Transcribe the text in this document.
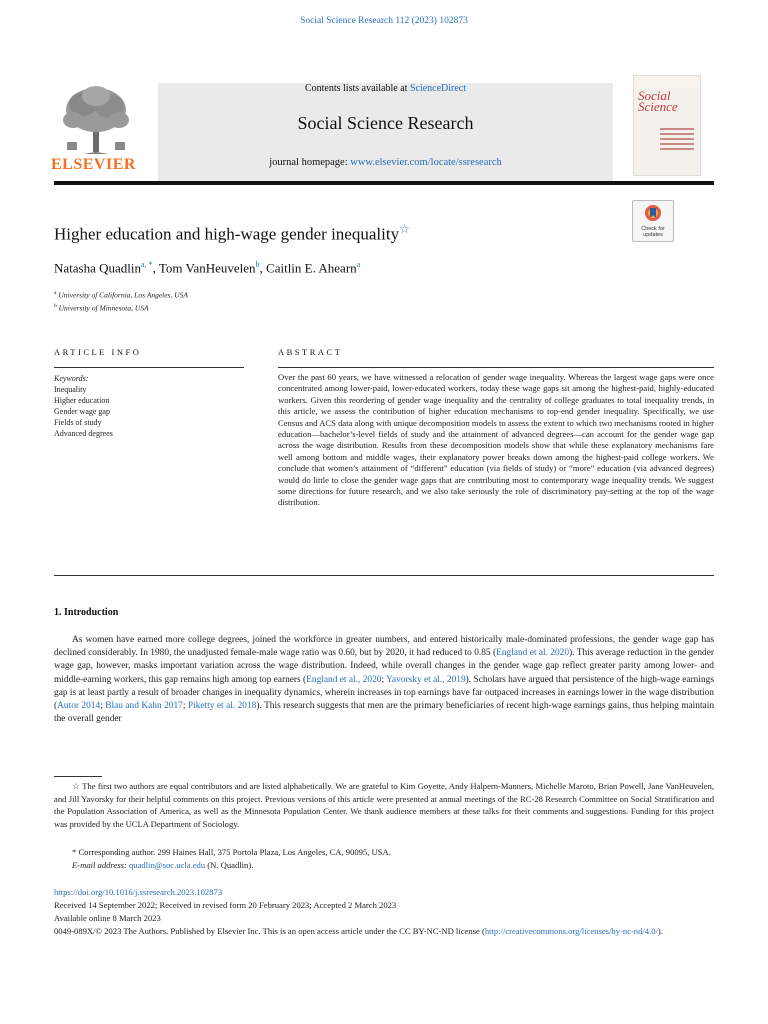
Social Science Research 112 (2023) 102873
Contents lists available at ScienceDirect
Social Science Research
journal homepage: www.elsevier.com/locate/ssresearch
ELSEVIER
Social Science
Higher education and high-wage gender inequality☆	Check for updates
Natasha Quadlin$^{a, *}$, Tom VanHeuvelen$^b$, Caitlin E. Ahearn$^a$
$^a$ University of California, Los Angeles, USA
$^b$ University of Minnesota, USA
ARTICLE INFO	ABSTRACT
Keywords:
Inequality
Higher education
Gender wage gap
Fields of study
Advanced degrees
Over the past 60 years, we have witnessed a relocation of gender wage inequality. Whereas the largest wage gaps were once concentrated among lower-paid, lower-educated workers, today these wage gaps sit among the highest-paid, highly-educated workers. Given this reordering of gender wage inequality and the centrality of college graduates to total inequality trends, in this article, we assess the contribution of higher education mechanisms to top-end gender inequality. Specifically, we use Census and ACS data along with unique decomposition models to assess the extent to which two mechanisms rooted in higher education—bachelor’s-level fields of study and the attainment of advanced degrees—can account for the gender wage gap across the wage distribution. Results from these decomposition models show that while these explanatory mechanisms fare well among bottom and middle wages, their explanatory power breaks down among the highest-paid college workers. We conclude that women’s attainment of “different” education (via fields of study) or “more” education (via advanced degrees) would do little to close the gender wage gaps that are contributing most to contemporary wage inequality trends. We suggest some directions for future research, and we also take seriously the role of discriminatory pay-setting at the top of the wage distribution.
1. Introduction
As women have earned more college degrees, joined the workforce in greater numbers, and entered historically male-dominated professions, the gender wage gap has declined considerably. In 1980, the unadjusted female-male wage ratio was 0.60, but by 2020, it had reduced to 0.85 (England et al. 2020). This average reduction in the gender wage gap, however, masks important variation across the wage distribution. Indeed, while overall changes in the gender wage gap reflect greater parity among lower- and middle-earning workers, this gap remains high among top earners (England et al., 2020; Yavorsky et al., 2019). Scholars have argued that persistence of the high-wage earnings gap is at least partly a result of broader changes in inequality dynamics, wherein increases in top earnings have far outpaced increases in earnings lower in the wage distribution (Autor 2014; Blau and Kahn 2017; Piketty et al. 2018). This research suggests that men are the primary beneficiaries of recent high-wage earnings gains, thus helping maintain the overall gender
☆ The first two authors are equal contributors and are listed alphabetically. We are grateful to Kim Goyette, Andy Halpern-Manners, Michelle Maroto, Brian Powell, Jane VanHeuvelen, and Jill Yavorsky for their helpful comments on this project. Previous versions of this article were presented at annual meetings of the RC-28 Research Committee on Social Stratification and the Population Association of America, as well as the Minnesota Population Center. We thank audience members at these talks for their comments and suggestions. Funding for this project was provided by the UCLA Department of Sociology.
* Corresponding author. 299 Haines Hall, 375 Portola Plaza, Los Angeles, CA, 90095, USA.
E-mail address: quadlin@soc.ucla.edu (N. Quadlin).
https://doi.org/10.1016/j.ssresearch.2023.102873
Received 14 September 2022; Received in revised form 20 February 2023; Accepted 2 March 2023
Available online 8 March 2023
0049-089X/© 2023 The Authors. Published by Elsevier Inc. This is an open access article under the CC BY-NC-ND license (http://creativecommons.org/licenses/by-nc-nd/4.0/).
